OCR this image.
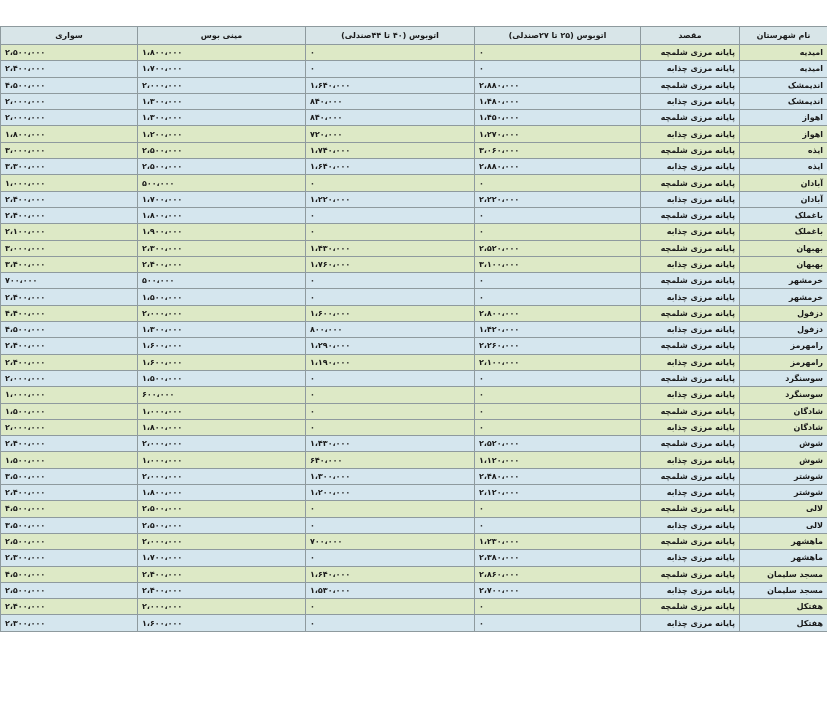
نام شهرستان	مقصد	اتوبوس (۲۵ تا ۲۷صندلی)	اتوبوس (۴۰ تا ۴۴صندلی)	مینی بوس	سواری
امیدیه	پایانه مرزی شلمچه	۰	۰	۱،۸۰۰،۰۰۰	۲،۵۰۰،۰۰۰
امیدیه	پایانه مرزی چذابه	۰	۰	۱،۷۰۰،۰۰۰	۲،۴۰۰،۰۰۰
اندیمشک	پایانه مرزی شلمچه	۲،۸۸۰،۰۰۰	۱،۶۴۰،۰۰۰	۲،۰۰۰،۰۰۰	۴،۵۰۰،۰۰۰
اندیمشک	پایانه مرزی چذابه	۱،۴۸۰،۰۰۰	۸۴۰،۰۰۰	۱،۳۰۰،۰۰۰	۲،۰۰۰،۰۰۰
اهواز	پایانه مرزی شلمچه	۱،۴۵۰،۰۰۰	۸۴۰،۰۰۰	۱،۳۰۰،۰۰۰	۲،۰۰۰،۰۰۰
اهواز	پایانه مرزی چذابه	۱،۲۷۰،۰۰۰	۷۲۰،۰۰۰	۱،۲۰۰،۰۰۰	۱،۸۰۰،۰۰۰
ایذه	پایانه مرزی شلمچه	۳،۰۶۰،۰۰۰	۱،۷۴۰،۰۰۰	۲،۵۰۰،۰۰۰	۳،۰۰۰،۰۰۰
ایذه	پایانه مرزی چذابه	۲،۸۸۰،۰۰۰	۱،۶۴۰،۰۰۰	۲،۵۰۰،۰۰۰	۳،۳۰۰،۰۰۰
آبادان	پایانه مرزی شلمچه	۰	۰	۵۰۰،۰۰۰	۱،۰۰۰،۰۰۰
آبادان	پایانه مرزی چذابه	۲،۲۲۰،۰۰۰	۱،۲۲۰،۰۰۰	۱،۷۰۰،۰۰۰	۲،۴۰۰،۰۰۰
باغملک	پایانه مرزی شلمچه	۰	۰	۱،۸۰۰،۰۰۰	۲،۴۰۰،۰۰۰
باغملک	پایانه مرزی چذابه	۰	۰	۱،۹۰۰،۰۰۰	۲،۱۰۰،۰۰۰
بهبهان	پایانه مرزی شلمچه	۲،۵۲۰،۰۰۰	۱،۴۳۰،۰۰۰	۲،۳۰۰،۰۰۰	۳،۰۰۰،۰۰۰
بهبهان	پایانه مرزی چذابه	۳،۱۰۰،۰۰۰	۱،۷۶۰،۰۰۰	۲،۴۰۰،۰۰۰	۳،۴۰۰،۰۰۰
خرمشهر	پایانه مرزی شلمچه	۰	۰	۵۰۰،۰۰۰	۷۰۰،۰۰۰
خرمشهر	پایانه مرزی چذابه	۰	۰	۱،۵۰۰،۰۰۰	۲،۴۰۰،۰۰۰
دزفول	پایانه مرزی شلمچه	۲،۸۰۰،۰۰۰	۱،۶۰۰،۰۰۰	۲،۰۰۰،۰۰۰	۴،۴۰۰،۰۰۰
دزفول	پایانه مرزی چذابه	۱،۴۲۰،۰۰۰	۸۰۰،۰۰۰	۱،۳۰۰،۰۰۰	۴،۵۰۰،۰۰۰
رامهرمز	پایانه مرزی شلمچه	۲،۲۶۰،۰۰۰	۱،۲۹۰،۰۰۰	۱،۶۰۰،۰۰۰	۲،۴۰۰،۰۰۰
رامهرمز	پایانه مرزی چذابه	۲،۱۰۰،۰۰۰	۱،۱۹۰،۰۰۰	۱،۶۰۰،۰۰۰	۲،۴۰۰،۰۰۰
سوسنگرد	پایانه مرزی شلمچه	۰	۰	۱،۵۰۰،۰۰۰	۲،۰۰۰،۰۰۰
سوسنگرد	پایانه مرزی چذابه	۰	۰	۶۰۰،۰۰۰	۱،۰۰۰،۰۰۰
شادگان	پایانه مرزی شلمچه	۰	۰	۱،۰۰۰،۰۰۰	۱،۵۰۰،۰۰۰
شادگان	پایانه مرزی چذابه	۰	۰	۱،۸۰۰،۰۰۰	۲،۰۰۰،۰۰۰
شوش	پایانه مرزی شلمچه	۲،۵۲۰،۰۰۰	۱،۴۳۰،۰۰۰	۲،۰۰۰،۰۰۰	۲،۴۰۰،۰۰۰
شوش	پایانه مرزی چذابه	۱،۱۲۰،۰۰۰	۶۴۰،۰۰۰	۱،۰۰۰،۰۰۰	۱،۵۰۰،۰۰۰
شوشتر	پایانه مرزی شلمچه	۲،۴۸۰،۰۰۰	۱،۳۰۰،۰۰۰	۲،۰۰۰،۰۰۰	۳،۵۰۰،۰۰۰
شوشتر	پایانه مرزی چذابه	۲،۱۲۰،۰۰۰	۱،۲۰۰،۰۰۰	۱،۸۰۰،۰۰۰	۲،۴۰۰،۰۰۰
لالی	پایانه مرزی شلمچه	۰	۰	۲،۵۰۰،۰۰۰	۴،۵۰۰،۰۰۰
لالی	پایانه مرزی چذابه	۰	۰	۲،۵۰۰،۰۰۰	۳،۵۰۰،۰۰۰
ماهشهر	پایانه مرزی شلمچه	۱،۲۳۰،۰۰۰	۷۰۰،۰۰۰	۲،۰۰۰،۰۰۰	۲،۵۰۰،۰۰۰
ماهشهر	پایانه مرزی چذابه	۲،۳۸۰،۰۰۰	۰	۱،۷۰۰،۰۰۰	۲،۳۰۰،۰۰۰
مسجد سلیمان	پایانه مرزی شلمچه	۲،۸۶۰،۰۰۰	۱،۶۴۰،۰۰۰	۲،۴۰۰،۰۰۰	۴،۵۰۰،۰۰۰
مسجد سلیمان	پایانه مرزی چذابه	۲،۷۰۰،۰۰۰	۱،۵۳۰،۰۰۰	۲،۴۰۰،۰۰۰	۲،۵۰۰،۰۰۰
هفتکل	پایانه مرزی شلمچه	۰	۰	۲،۰۰۰،۰۰۰	۲،۴۰۰،۰۰۰
هفتکل	پایانه مرزی چذابه	۰	۰	۱،۶۰۰،۰۰۰	۲،۳۰۰،۰۰۰
